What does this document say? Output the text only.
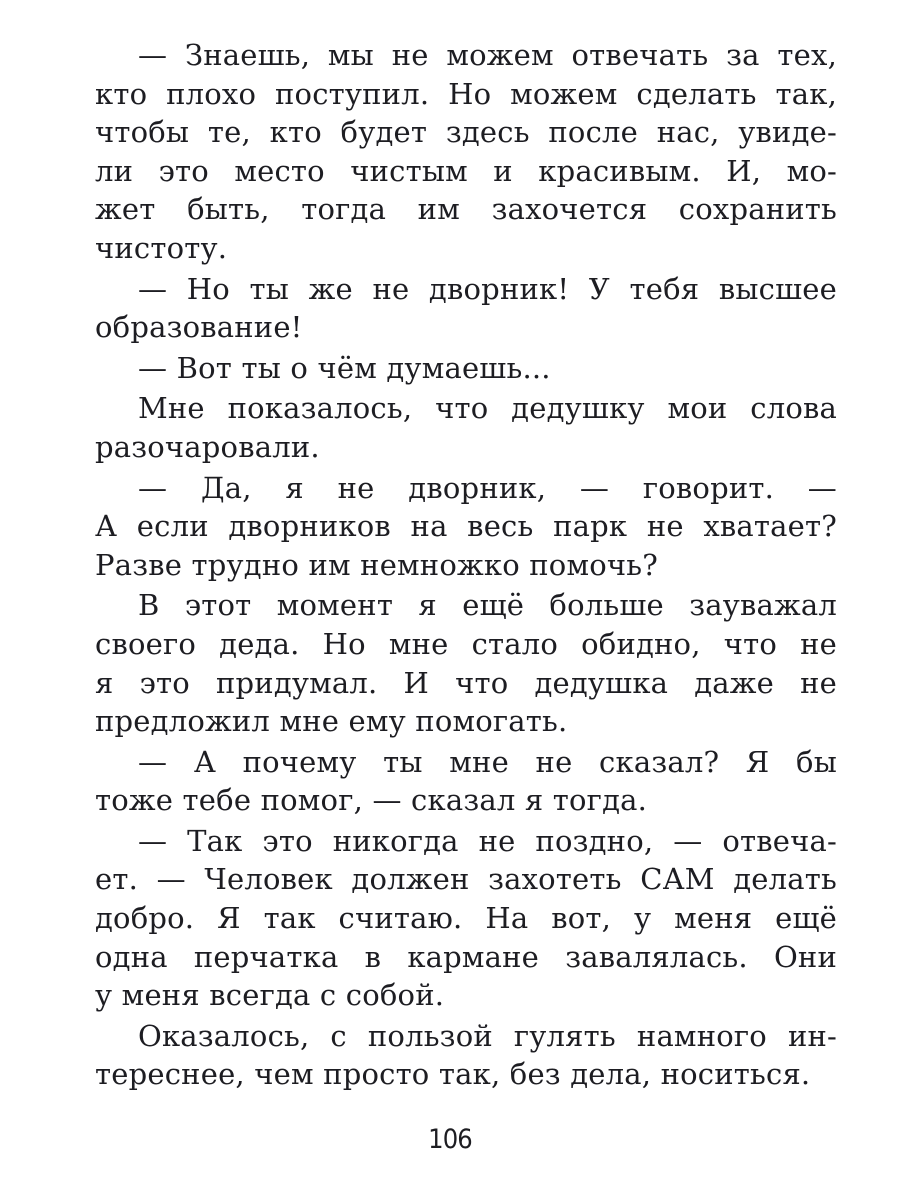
— Знаешь, мы не можем отвечать за тех,
кто плохо поступил. Но можем сделать так,
чтобы те, кто будет здесь после нас, увиде-
ли это место чистым и красивым. И, мо-
жет быть, тогда им захочется сохранить
чистоту.
— Но ты же не дворник! У тебя высшее
образование!
— Вот ты о чём думаешь...
Мне показалось, что дедушку мои слова
разочаровали.
— Да, я не дворник, — говорит. —
А если дворников на весь парк не хватает?
Разве трудно им немножко помочь?
В этот момент я ещё больше зауважал
своего деда. Но мне стало обидно, что не
я это придумал. И что дедушка даже не
предложил мне ему помогать.
— А почему ты мне не сказал? Я бы
тоже тебе помог, — сказал я тогда.
— Так это никогда не поздно, — отвеча-
ет. — Человек должен захотеть САМ делать
добро. Я так считаю. На вот, у меня ещё
одна перчатка в кармане завалялась. Они
у меня всегда с собой.
Оказалось, с пользой гулять намного ин-
тереснее, чем просто так, без дела, носиться.
106
